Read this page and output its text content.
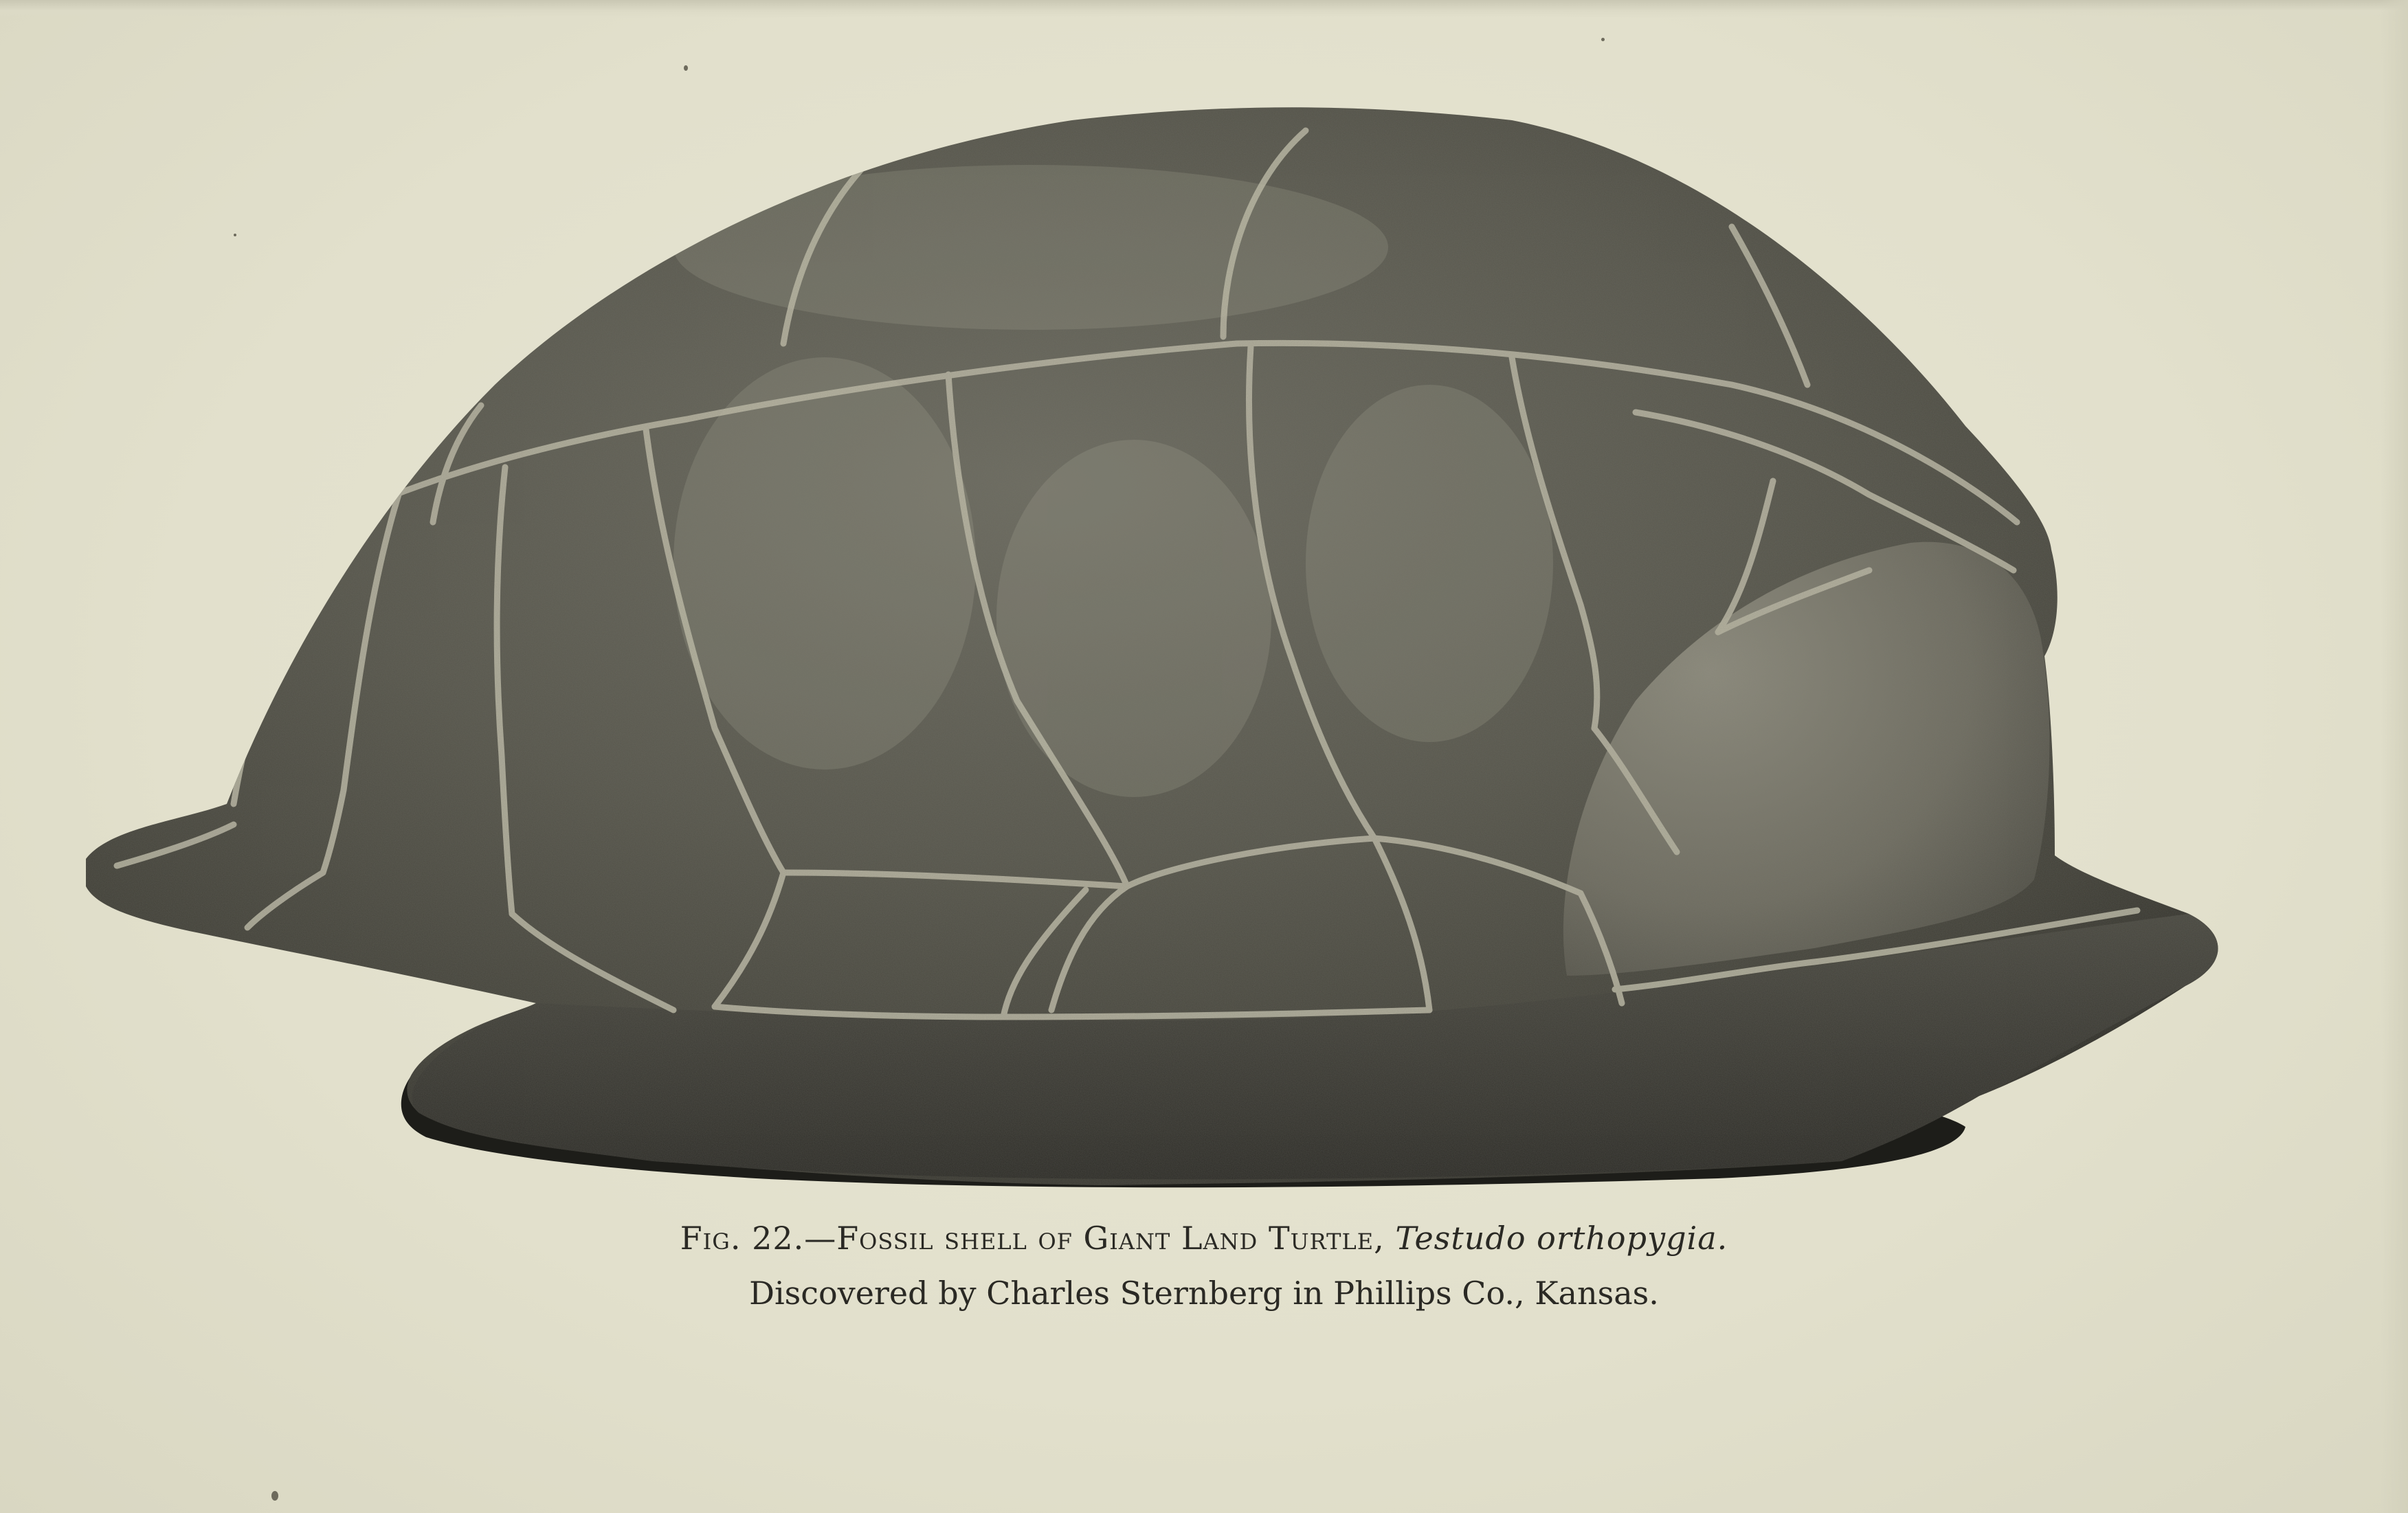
Fig. 22.—Fossil shell of Giant Land Turtle, Testudo orthopygia.
Discovered by Charles Sternberg in Phillips Co., Kansas.
